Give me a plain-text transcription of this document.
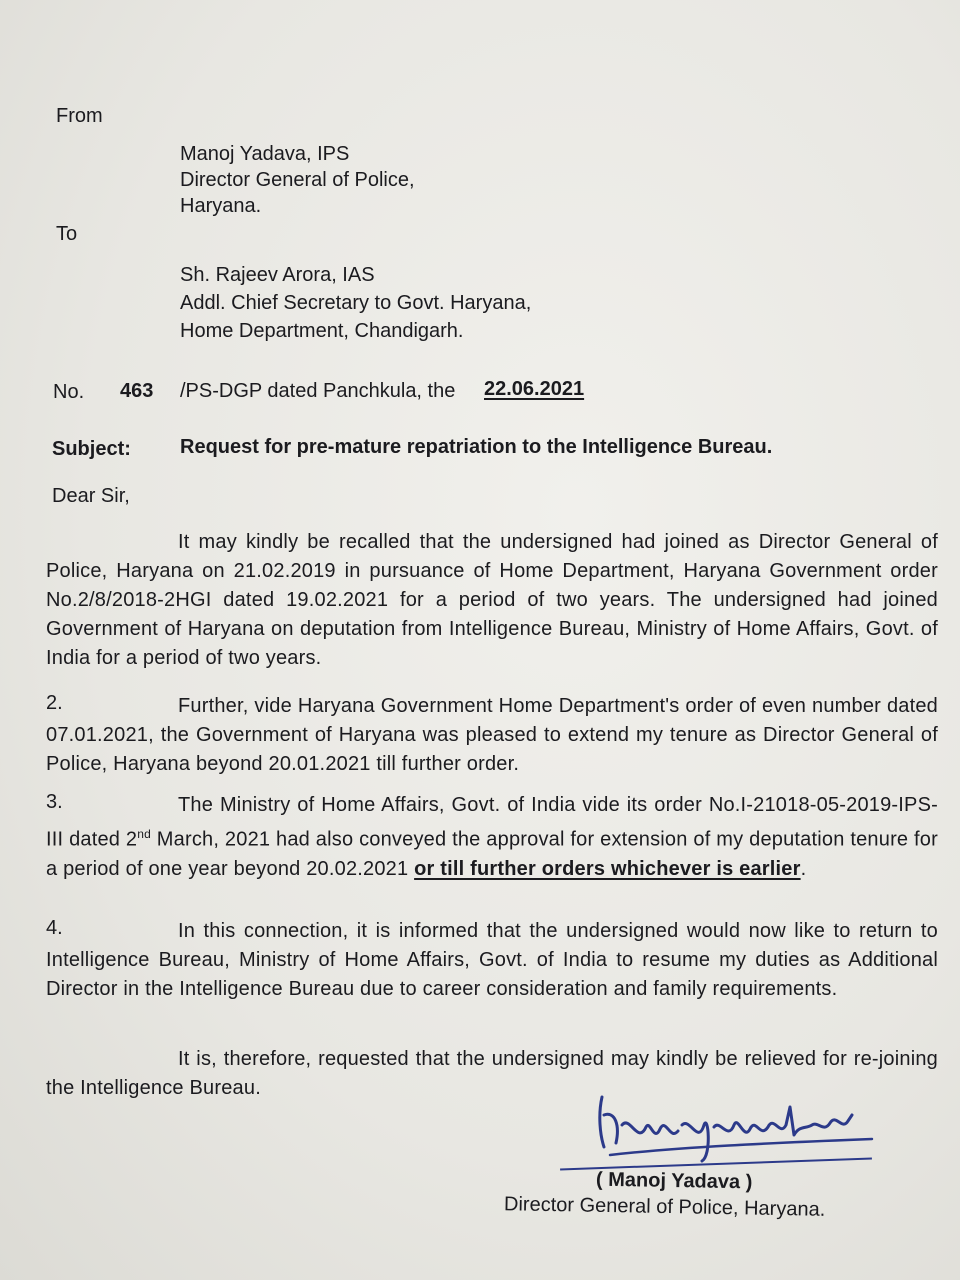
From
Manoj Yadava, IPS
Director General of Police,
Haryana.
To
Sh. Rajeev Arora, IAS
Addl. Chief Secretary to Govt. Haryana,
Home Department, Chandigarh.
No. 463 /PS-DGP dated Panchkula, the 22.06.2021
Subject: Request for pre-mature repatriation to the Intelligence Bureau.
Dear Sir,
It may kindly be recalled that the undersigned had joined as Director General of Police, Haryana on 21.02.2019 in pursuance of Home Department, Haryana Government order No.2/8/2018-2HGI dated 19.02.2021 for a period of two years. The undersigned had joined Government of Haryana on deputation from Intelligence Bureau, Ministry of Home Affairs, Govt. of India for a period of two years.
2.	Further, vide Haryana Government Home Department's order of even number dated 07.01.2021, the Government of Haryana was pleased to extend my tenure as Director General of Police, Haryana beyond 20.01.2021 till further order.
3.	The Ministry of Home Affairs, Govt. of India vide its order No.I-21018-05-2019-IPS-III dated 2nd March, 2021 had also conveyed the approval for extension of my deputation tenure for a period of one year beyond 20.02.2021 or till further orders whichever is earlier.
4.	In this connection, it is informed that the undersigned would now like to return to Intelligence Bureau, Ministry of Home Affairs, Govt. of India to resume my duties as Additional Director in the Intelligence Bureau due to career consideration and family requirements.
It is, therefore, requested that the undersigned may kindly be relieved for re-joining the Intelligence Bureau.
( Manoj Yadava )
Director General of Police, Haryana.
